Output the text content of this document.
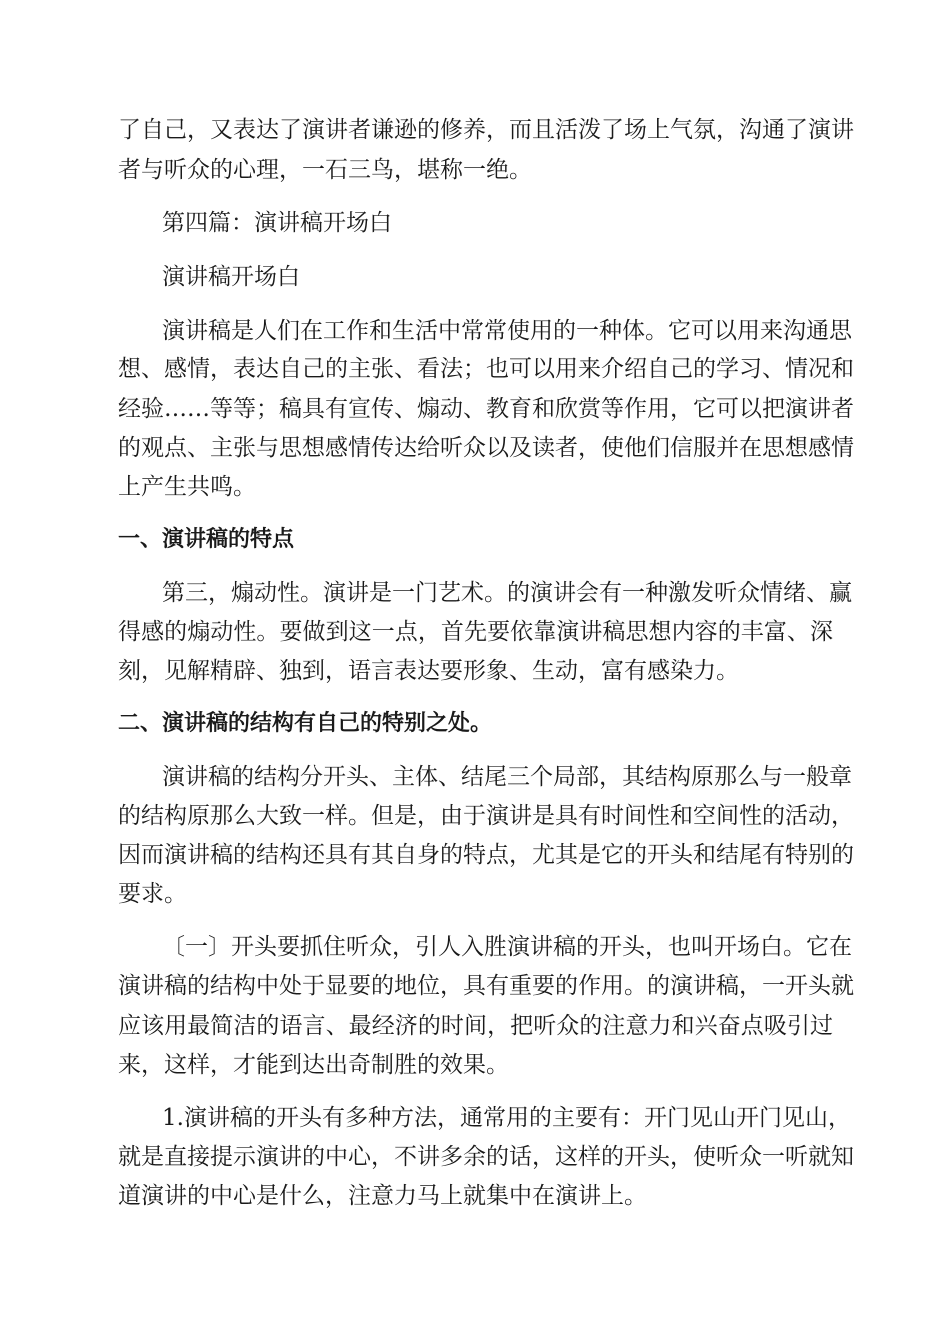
了自己，又表达了演讲者谦逊的修养，而且活泼了场上气氛，沟通了演讲
者与听众的心理，一石三鸟，堪称一绝。
第四篇：演讲稿开场白
演讲稿开场白
演讲稿是人们在工作和生活中常常使用的一种体。它可以用来沟通思
想、感情，表达自己的主张、看法；也可以用来介绍自己的学习、情况和
经验……等等；稿具有宣传、煽动、教育和欣赏等作用，它可以把演讲者
的观点、主张与思想感情传达给听众以及读者，使他们信服并在思想感情
上产生共鸣。
一、演讲稿的特点
第三，煽动性。演讲是一门艺术。的演讲会有一种激发听众情绪、赢
得感的煽动性。要做到这一点，首先要依靠演讲稿思想内容的丰富、深
刻，见解精辟、独到，语言表达要形象、生动，富有感染力。
二、演讲稿的结构有自己的特别之处。
演讲稿的结构分开头、主体、结尾三个局部，其结构原那么与一般章
的结构原那么大致一样。但是，由于演讲是具有时间性和空间性的活动，
因而演讲稿的结构还具有其自身的特点，尤其是它的开头和结尾有特别的
要求。
〔一〕开头要抓住听众，引人入胜演讲稿的开头，也叫开场白。它在
演讲稿的结构中处于显要的地位，具有重要的作用。的演讲稿，一开头就
应该用最简洁的语言、最经济的时间，把听众的注意力和兴奋点吸引过
来，这样，才能到达出奇制胜的效果。
1.演讲稿的开头有多种方法，通常用的主要有：开门见山开门见山，
就是直接提示演讲的中心，不讲多余的话，这样的开头，使听众一听就知
道演讲的中心是什么，注意力马上就集中在演讲上。
